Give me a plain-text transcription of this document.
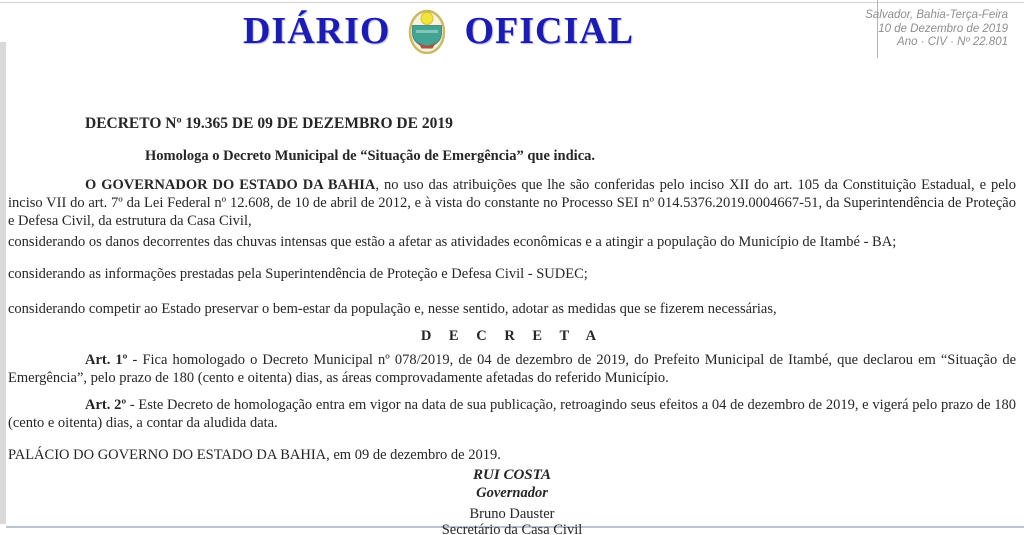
DIÁRIO OFICIAL	Salvador, Bahia-Terça-Feira
10 de Dezembro de 2019
Ano · CIV · Nº 22.801
DECRETO Nº 19.365 DE 09 DE DEZEMBRO DE 2019
Homologa o Decreto Municipal de “Situação de Emergência” que indica.

O GOVERNADOR DO ESTADO DA BAHIA, no uso das atribuições que lhe são conferidas pelo inciso XII do art. 105 da Constituição Estadual, e pelo inciso VII do art. 7º da Lei Federal nº 12.608, de 10 de abril de 2012, e à vista do constante no Processo SEI nº 014.5376.2019.0004667-51, da Superintendência de Proteção e Defesa Civil, da estrutura da Casa Civil,

considerando os danos decorrentes das chuvas intensas que estão a afetar as atividades econômicas e a atingir a população do Município de Itambé - BA;

considerando as informações prestadas pela Superintendência de Proteção e Defesa Civil - SUDEC;

considerando competir ao Estado preservar o bem-estar da população e, nesse sentido, adotar as medidas que se fizerem necessárias,

D E C R E T A

Art. 1º - Fica homologado o Decreto Municipal nº 078/2019, de 04 de dezembro de 2019, do Prefeito Municipal de Itambé, que declarou em “Situação de Emergência”, pelo prazo de 180 (cento e oitenta) dias, as áreas comprovadamente afetadas do referido Município.

Art. 2º - Este Decreto de homologação entra em vigor na data de sua publicação, retroagindo seus efeitos a 04 de dezembro de 2019, e vigerá pelo prazo de 180 (cento e oitenta) dias, a contar da aludida data.

PALÁCIO DO GOVERNO DO ESTADO DA BAHIA, em 09 de dezembro de 2019.

RUI COSTA
Governador
Bruno Dauster
Secretário da Casa Civil
